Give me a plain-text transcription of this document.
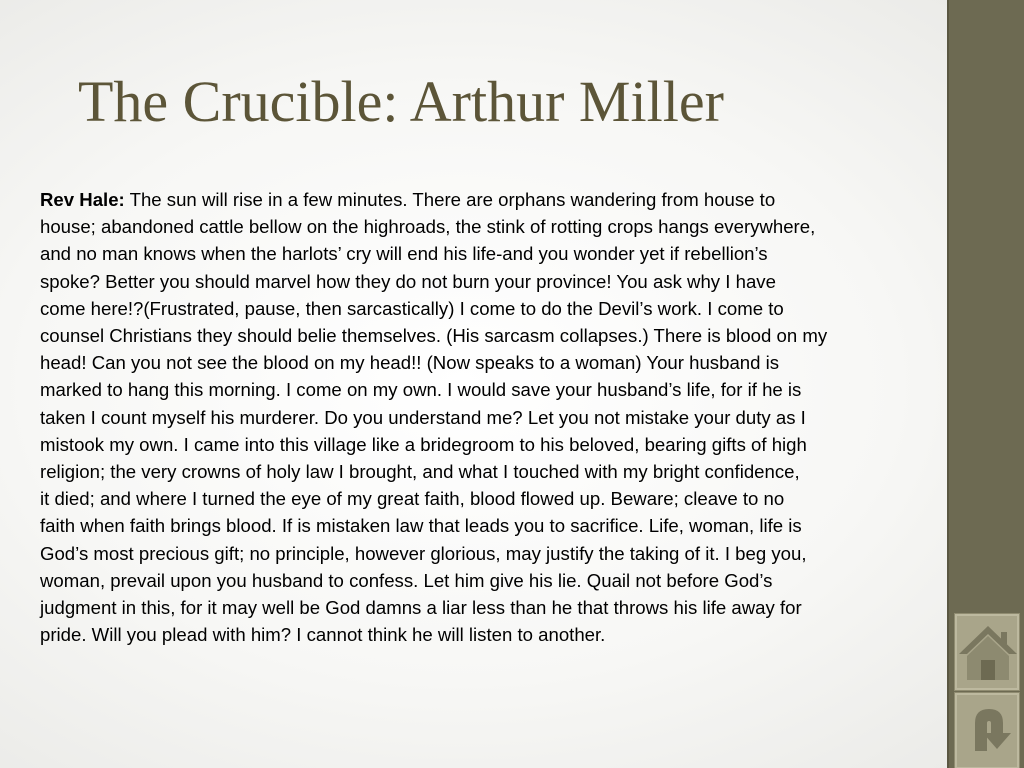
The Crucible: Arthur Miller
Rev Hale: The sun will rise in a few minutes. There are orphans wandering from house to
house; abandoned cattle bellow on the highroads, the stink of rotting crops hangs everywhere,
and no man knows when the harlots’ cry will end his life-and you wonder yet if rebellion’s
spoke? Better you should marvel how they do not burn your province! You ask why I have
come here!?(Frustrated, pause, then sarcastically) I come to do the Devil’s work. I come to
counsel Christians they should belie themselves. (His sarcasm collapses.) There is blood on my
head! Can you not see the blood on my head!! (Now speaks to a woman) Your husband is
marked to hang this morning. I come on my own. I would save your husband’s life, for if he is
taken I count myself his murderer. Do you understand me? Let you not mistake your duty as I
mistook my own. I came into this village like a bridegroom to his beloved, bearing gifts of high
religion; the very crowns of holy law I brought, and what I touched with my bright confidence,
it died; and where I turned the eye of my great faith, blood flowed up. Beware; cleave to no
faith when faith brings blood. If is mistaken law that leads you to sacrifice. Life, woman, life is
God’s most precious gift; no principle, however glorious, may justify the taking of it. I beg you,
woman, prevail upon you husband to confess. Let him give his lie. Quail not before God’s
judgment in this, for it may well be God damns a liar less than he that throws his life away for
pride. Will you plead with him? I cannot think he will listen to another.
